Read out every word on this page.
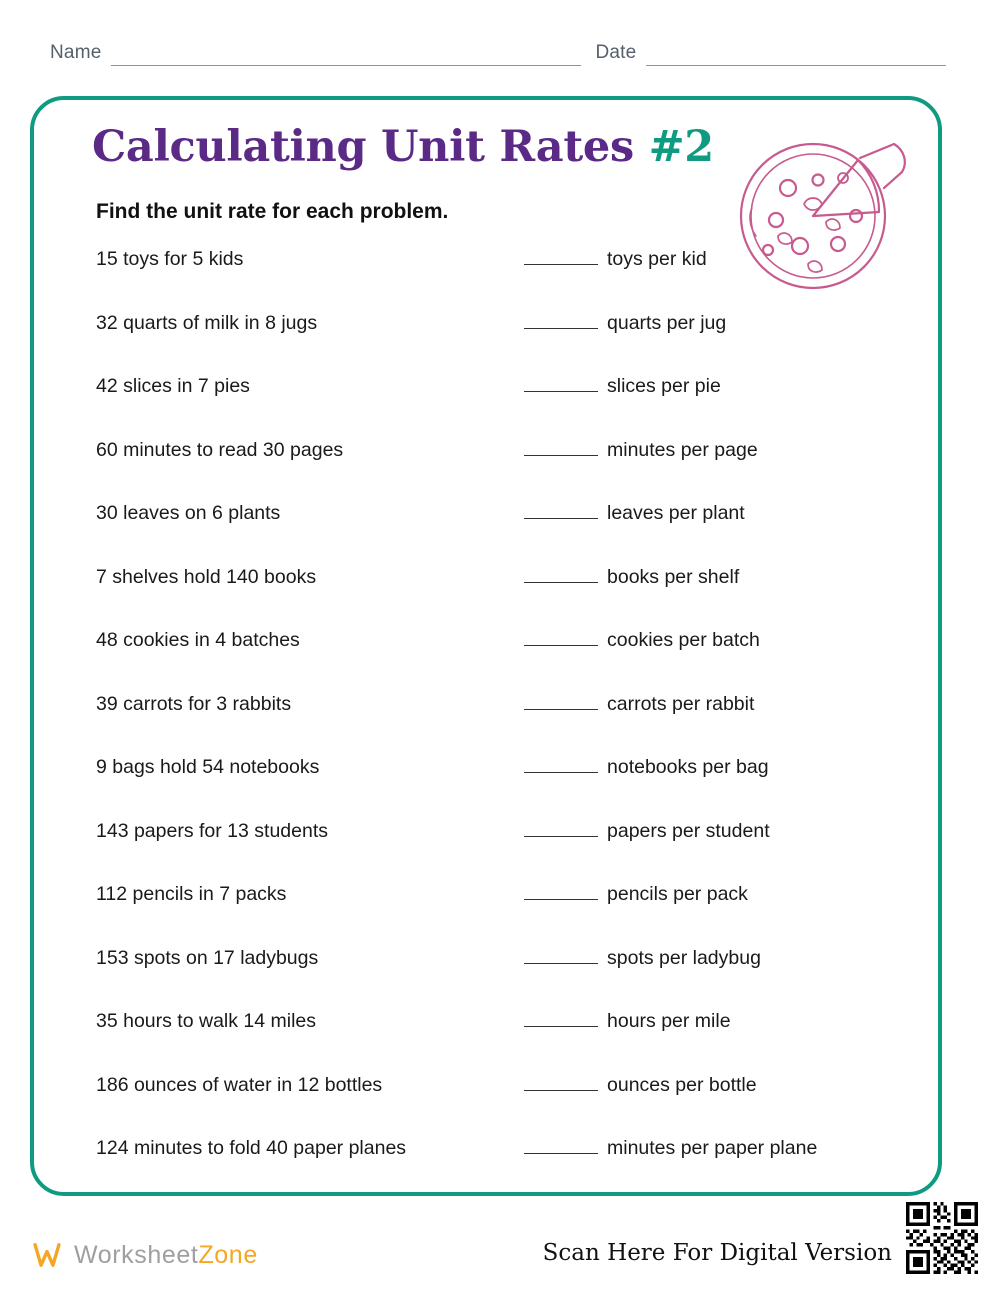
Name	Date
Calculating Unit Rates #2
Find the unit rate for each problem.
15 toys for 5 kids	toys per kid
32 quarts of milk in 8 jugs	quarts per jug
42 slices in 7 pies	slices per pie
60 minutes to read 30 pages	minutes per page
30 leaves on 6 plants	leaves per plant
7 shelves hold 140 books	books per shelf
48 cookies in 4 batches	cookies per batch
39 carrots for 3 rabbits	carrots per rabbit
9 bags hold 54 notebooks	notebooks per bag
143 papers for 13 students	papers per student
112 pencils in 7 packs	pencils per pack
153 spots on 17 ladybugs	spots per ladybug
35 hours to walk 14 miles	hours per mile
186 ounces of water in 12 bottles	ounces per bottle
124 minutes to fold 40 paper planes	minutes per paper plane
WorksheetZone	Scan Here For Digital Version
